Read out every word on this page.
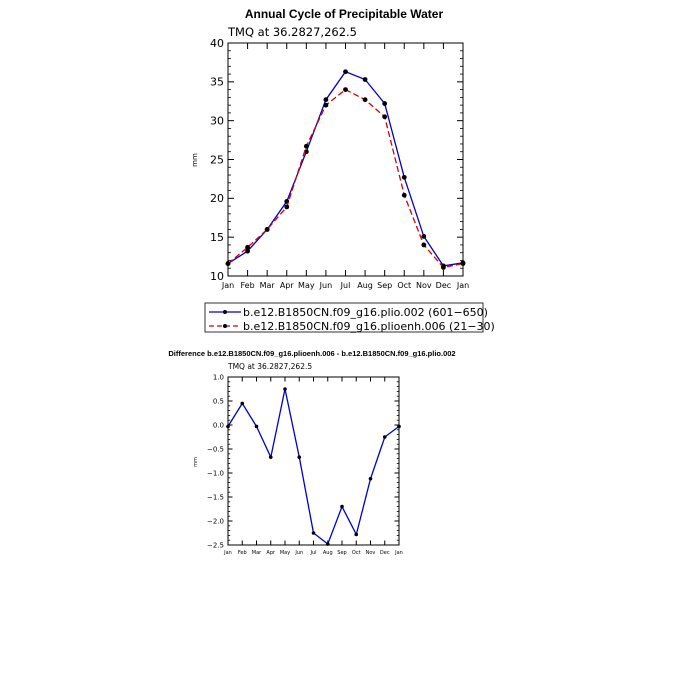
Annual Cycle of Precipitable Water
TMQ at 36.2827,262.5
mm
10
15
20
25
30
35
40
Jan Feb Mar Apr May Jun Jul Aug Sep Oct Nov Dec Jan
b.e12.B1850CN.f09_g16.plio.002 (601−650)
b.e12.B1850CN.f09_g16.plioenh.006 (21−30)
Difference b.e12.B1850CN.f09_g16.plioenh.006 - b.e12.B1850CN.f09_g16.plio.002
TMQ at 36.2827,262.5
mm
−2.5
−2.0
−1.5
−1.0
−0.5
0.0
0.5
1.0
Jan Feb Mar Apr May Jun Jul Aug Sep Oct Nov Dec Jan
